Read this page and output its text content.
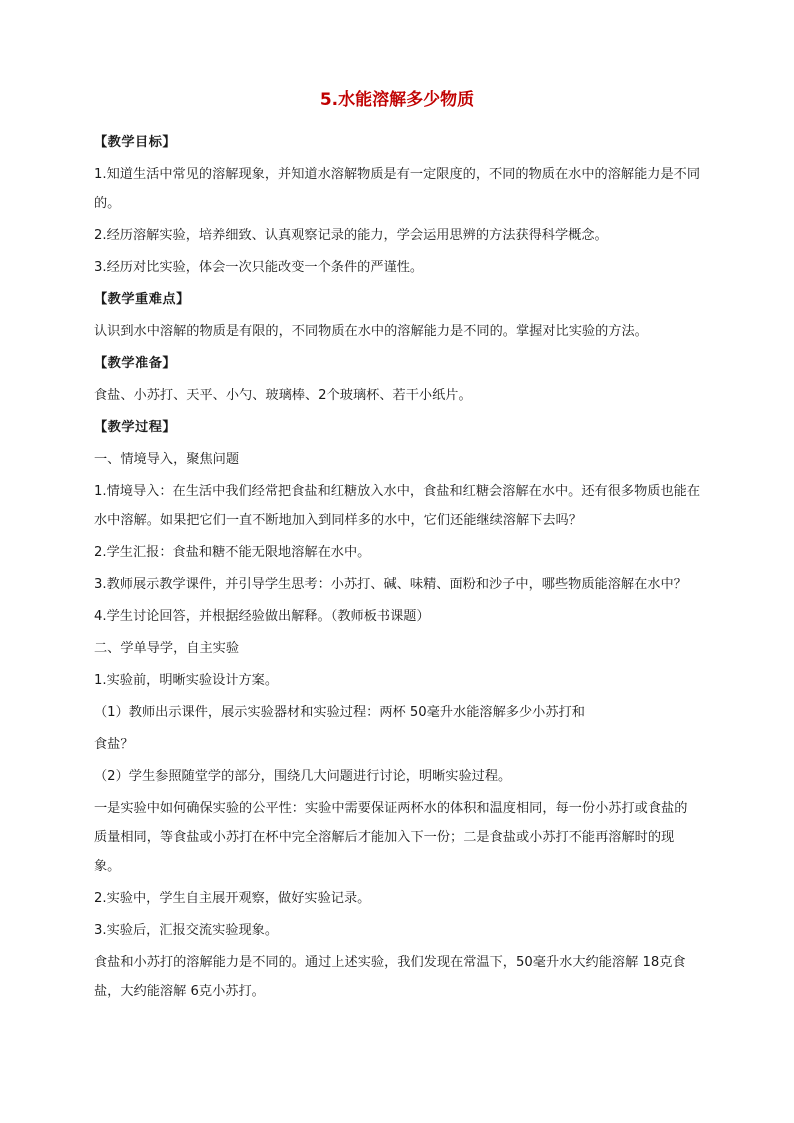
5.水能溶解多少物质

【教学目标】

1.知道生活中常见的溶解现象，并知道水溶解物质是有一定限度的，不同的物质在水中的溶解能力是不同的。

2.经历溶解实验，培养细致、认真观察记录的能力，学会运用思辨的方法获得科学概念。

3.经历对比实验，体会一次只能改变一个条件的严谨性。

【教学重难点】

认识到水中溶解的物质是有限的，不同物质在水中的溶解能力是不同的。掌握对比实验的方法。

【教学准备】

食盐、小苏打、天平、小勺、玻璃棒、2个玻璃杯、若干小纸片。

【教学过程】

一、情境导入，聚焦问题

1.情境导入：在生活中我们经常把食盐和红糖放入水中，食盐和红糖会溶解在水中。还有很多物质也能在水中溶解。如果把它们一直不断地加入到同样多的水中，它们还能继续溶解下去吗？

2.学生汇报：食盐和糖不能无限地溶解在水中。

3.教师展示教学课件，并引导学生思考：小苏打、碱、味精、面粉和沙子中，哪些物质能溶解在水中？

4.学生讨论回答，并根据经验做出解释。（教师板书课题）

二、学单导学，自主实验

1.实验前，明晰实验设计方案。

（1）教师出示课件，展示实验器材和实验过程：两杯 50毫升水能溶解多少小苏打和

食盐？

（2）学生参照随堂学的部分，围绕几大问题进行讨论，明晰实验过程。

一是实验中如何确保实验的公平性：实验中需要保证两杯水的体积和温度相同，每一份小苏打或食盐的质量相同，等食盐或小苏打在杯中完全溶解后才能加入下一份；二是食盐或小苏打不能再溶解时的现象。

2.实验中，学生自主展开观察，做好实验记录。

3.实验后，汇报交流实验现象。

食盐和小苏打的溶解能力是不同的。通过上述实验，我们发现在常温下，50毫升水大约能溶解 18克食盐，大约能溶解 6克小苏打。
